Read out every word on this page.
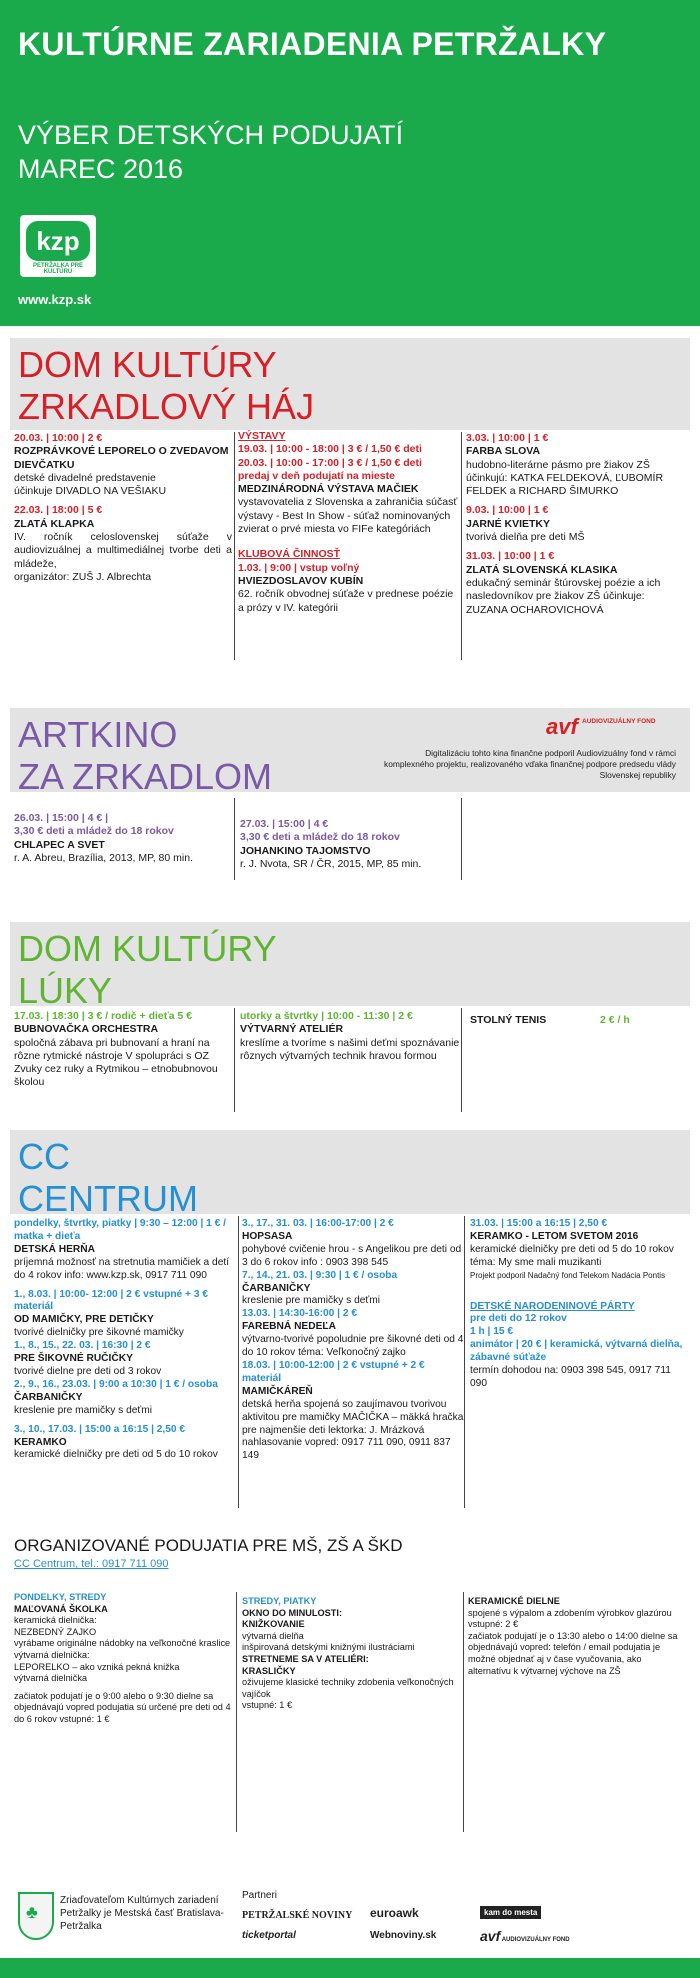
KULTÚRNE ZARIADENIA PETRŽALKY
VÝBER DETSKÝCH PODUJATÍ
MAREC 2016
kzp
PETRŽALKA PRE KULTÚRU
www.kzp.sk
DOM KULTÚRY
ZRKADLOVÝ HÁJ
20.03. | 10:00 | 2 €
ROZPRÁVKOVÉ LEPORELO O ZVEDAVOM DIEVČATKU
detské divadelné predstavenie
účinkuje DIVADLO NA VEŠIAKU
22.03. | 18:00 | 5 €
ZLATÁ KLAPKA
IV. ročník celoslovenskej súťaže v audiovizuálnej a multimediálnej tvorbe deti a mládeže,
organizátor: ZUŠ J. Albrechta
VÝSTAVY
19.03. | 10:00 - 18:00 | 3 € / 1,50 € deti
20.03. | 10:00 - 17:00 | 3 € / 1,50 € deti
predaj v deň podujatí na mieste
MEDZINÁRODNÁ VÝSTAVA MAČIEK
vystavovatelia z Slovenska a zahraničia súčasť výstavy - Best In Show - súťaž nominovaných zvierat o prvé miesta vo FIFe kategóriách
KLUBOVÁ ČINNOSŤ
1.03. | 9:00 | vstup voľný
HVIEZDOSLAVOV KUBÍN
62. ročník obvodnej súťaže v prednese poézie a prózy v IV. kategórii
3.03. | 10:00 | 1 €
FARBA SLOVA
hudobno-literárne pásmo pre žiakov ZŠ účinkujú: KATKA FELDEKOVÁ, ĽUBOMÍR FELDEK a RICHARD ŠIMURKO
9.03. | 10:00 | 1 €
JARNÉ KVIETKY
tvorivá dielňa pre deti MŠ
31.03. | 10:00 | 1 €
ZLATÁ SLOVENSKÁ KLASIKA
edukačný seminár štúrovskej poézie a ich nasledovníkov pre žiakov ZŠ účinkuje: ZUZANA OCHAROVICHOVÁ
ARTKINO
ZA ZRKADLOM
avf AUDIOVIZUÁLNY FOND
Digitalizáciu tohto kina finančne podporil Audiovizuálny fond v rámci komplexného projektu, realizovaného vďaka finančnej podpore predsedu vlády Slovenskej republiky
26.03. | 15:00 | 4 € |
3,30 € deti a mládež do 18 rokov
CHLAPEC A SVET
r. A. Abreu, Brazília, 2013, MP, 80 min.
27.03. | 15:00 | 4 €
3,30 € deti a mládež do 18 rokov
JOHANKINO TAJOMSTVO
r. J. Nvota, SR / ČR, 2015, MP, 85 min.
DOM KULTÚRY
LÚKY
17.03. | 18:30 | 3 € / rodič + dieťa 5 €
BUBNOVAČKA ORCHESTRA
spoločná zábava pri bubnovaní a hraní na rôzne rytmické nástroje V spolupráci s OZ Zvuky cez ruky a Rytmikou – etnobubnovou školou
utorky a štvrtky | 10:00 - 11:30 | 2 €
VÝTVARNÝ ATELIÉR
kreslíme a tvoríme s našimi deťmi spoznávanie rôznych výtvarných technik hravou formou
STOLNÝ TENIS	2 € / h
CC
CENTRUM
pondelky, štvrtky, piatky | 9:30 – 12:00 | 1 € / matka + dieťa
DETSKÁ HERŇA
príjemná možnosť na stretnutia mamičiek a detí do 4 rokov info: www.kzp.sk, 0917 711 090
1., 8.03. | 10:00- 12:00 | 2 € vstupné + 3 € materiál
OD MAMIČKY, PRE DETIČKY
tvorivé dielničky pre šikovné mamičky
1., 8., 15., 22. 03. | 16:30 | 2 €
PRE ŠIKOVNÉ RUČIČKY
tvorivé dielne pre deti od 3 rokov
2., 9., 16., 23.03. | 9:00 a 10:30 | 1 € / osoba
ČARBANIČKY
kreslenie pre mamičky s deťmi
3., 10., 17.03. | 15:00 a 16:15 | 2,50 €
KERAMKO
keramické dielničky pre deti od 5 do 10 rokov
3., 17., 31. 03. | 16:00-17:00 | 2 €
HOPSASA
pohybové cvičenie hrou - s Angelikou pre deti od 3 do 6 rokov info : 0903 398 545
7., 14., 21. 03. | 9:30 | 1 € / osoba
ČARBANIČKY
kreslenie pre mamičky s deťmi
13.03. | 14:30-16:00 | 2 €
FAREBNÁ NEDEĽA
výtvarno-tvorivé popoludnie pre šikovné deti od 4 do 10 rokov téma: Veľkonočný zajko
18.03. | 10:00-12:00 | 2 € vstupné + 2 € materiál
MAMIČKÁREŇ
detská herňa spojená so zaujímavou tvorivou aktivitou pre mamičky MAČIČKA – mäkká hračka pre najmenšie deti lektorka: J. Mrázková nahlasovanie vopred: 0917 711 090, 0911 837 149
31.03. | 15:00 a 16:15 | 2,50 €
KERAMKO - LETOM SVETOM 2016
keramické dielničky pre deti od 5 do 10 rokov téma: My sme mali muzikanti
Projekt podporil Nadačný fond Telekom Nadácia Pontis
DETSKÉ NARODENINOVÉ PÁRTY
pre deti do 12 rokov
1 h | 15 €
animátor | 20 € | keramická, výtvarná dielňa, zábavné súťaže
termín dohodou na: 0903 398 545, 0917 711 090
ORGANIZOVANÉ PODUJATIA PRE MŠ, ZŠ A ŠKD
CC Centrum, tel.: 0917 711 090
PONDELKY, STREDY
MAĽOVANÁ ŠKOLKA
keramická dielnička:
NEZBEDNÝ ZAJKO
vyrábame originálne nádobky na veľkonočné kraslice
výtvarná dielnička:
LEPORELKO – ako vzniká pekná knižka
výtvarná dielnička
začiatok podujatí je o 9:00 alebo o 9:30 dielne sa objednávajú vopred podujatia sú určené pre deti od 4 do 6 rokov vstupné: 1 €
STREDY, PIATKY
OKNO DO MINULOSTI:
KNIŽKOVANIE
výtvarná dielňa
inšpirovaná detskými knižnými ilustráciami
STRETNEME SA V ATELIÉRI:
KRASLIČKY
oživujeme klasické techniky zdobenia veľkonočných vajíčok
vstupné: 1 €
KERAMICKÉ DIELNE
spojené s výpalom a zdobením výrobkov glazúrou
vstupné: 2 €
začiatok podujatí je o 13:30 alebo o 14:00 dielne sa objednávajú vopred: telefón / email podujatia je možné objednať aj v čase vyučovania, ako alternatívu k výtvarnej výchove na ZŠ
♣
Zriaďovateľom Kultúrnych zariadení Petržalky je Mestská časť Bratislava-Petržalka
Partneri
PETRŽALSKÉ NOVINY euroawk	kam do mesta
ticketportal	Webnoviny.sk	avf AUDIOVIZUÁLNY FOND
